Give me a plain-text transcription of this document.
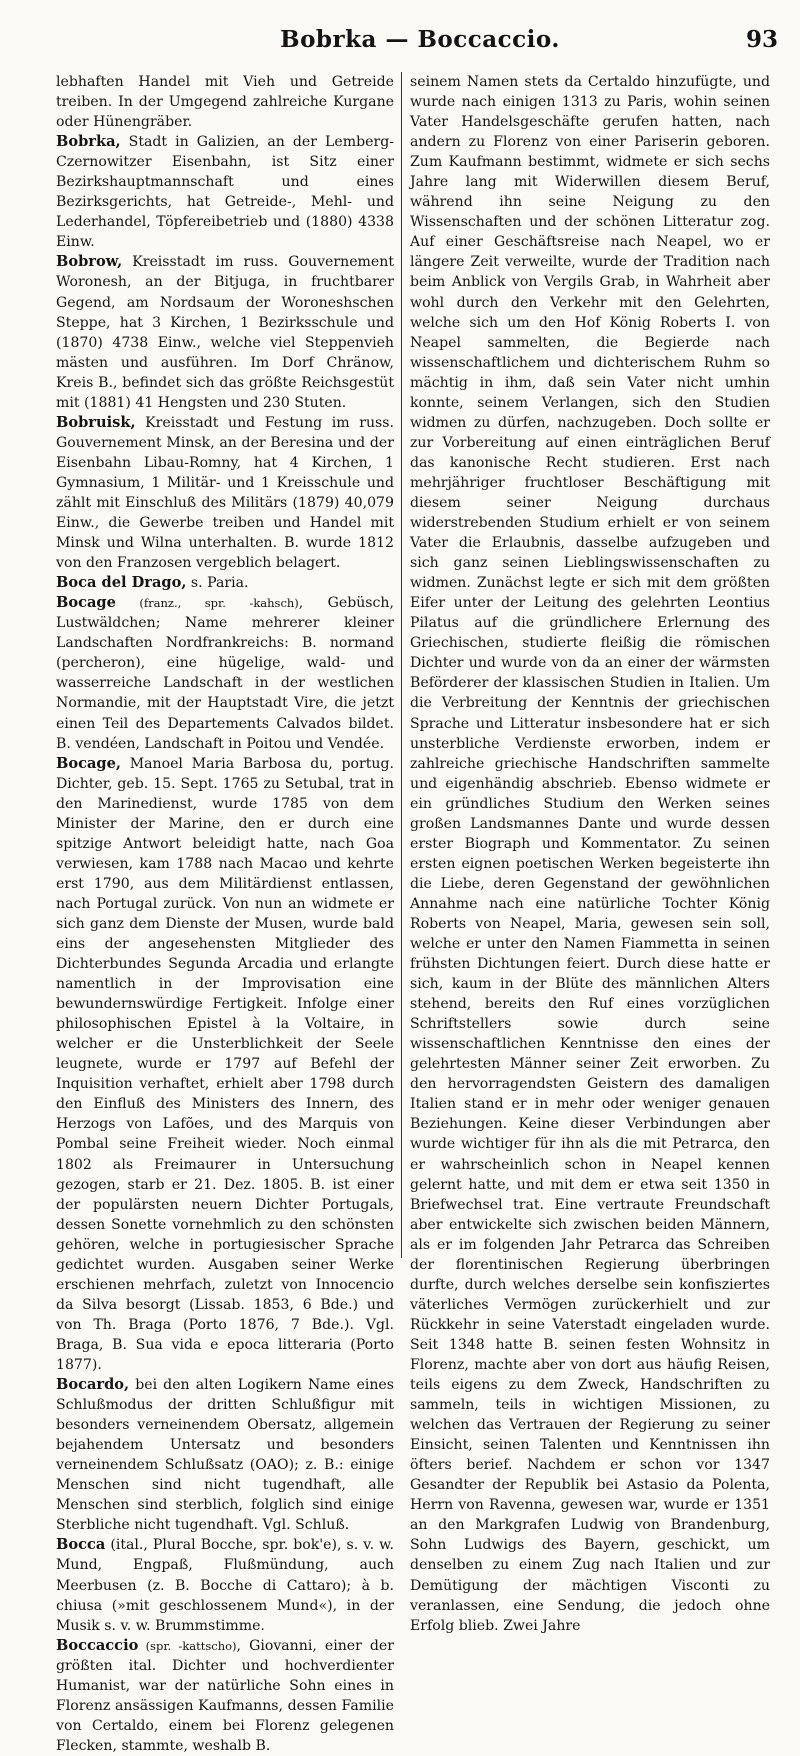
Bobrka — Boccaccio.	93

lebhaften Handel mit Vieh und Getreide treiben. In der Umgegend zahlreiche Kurgane oder Hünengräber.

Bobrka, Stadt in Galizien, an der Lemberg-Czernowitzer Eisenbahn, ist Sitz einer Bezirkshauptmannschaft und eines Bezirksgerichts, hat Getreide-, Mehl- und Lederhandel, Töpfereibetrieb und (1880) 4338 Einw.

Bobrow, Kreisstadt im russ. Gouvernement Woronesh, an der Bitjuga, in fruchtbarer Gegend, am Nordsaum der Woroneshschen Steppe, hat 3 Kirchen, 1 Bezirksschule und (1870) 4738 Einw., welche viel Steppenvieh mästen und ausführen. Im Dorf Chränow, Kreis B., befindet sich das größte Reichsgestüt mit (1881) 41 Hengsten und 230 Stuten.

Bobruisk, Kreisstadt und Festung im russ. Gouvernement Minsk, an der Beresina und der Eisenbahn Libau-Romny, hat 4 Kirchen, 1 Gymnasium, 1 Militär- und 1 Kreisschule und zählt mit Einschluß des Militärs (1879) 40,079 Einw., die Gewerbe treiben und Handel mit Minsk und Wilna unterhalten. B. wurde 1812 von den Franzosen vergeblich belagert.

Boca del Drago, s. Paria.

Bocage (franz., spr. -kahsch), Gebüsch, Lustwäldchen; Name mehrerer kleiner Landschaften Nordfrankreichs: B. normand (percheron), eine hügelige, wald- und wasserreiche Landschaft in der westlichen Normandie, mit der Hauptstadt Vire, die jetzt einen Teil des Departements Calvados bildet. B. vendéen, Landschaft in Poitou und Vendée.

Bocage, Manoel Maria Barbosa du, portug. Dichter, geb. 15. Sept. 1765 zu Setubal, trat in den Marinedienst, wurde 1785 von dem Minister der Marine, den er durch eine spitzige Antwort beleidigt hatte, nach Goa verwiesen, kam 1788 nach Macao und kehrte erst 1790, aus dem Militärdienst entlassen, nach Portugal zurück. Von nun an widmete er sich ganz dem Dienste der Musen, wurde bald eins der angesehensten Mitglieder des Dichterbundes Segunda Arcadia und erlangte namentlich in der Improvisation eine bewundernswürdige Fertigkeit. Infolge einer philosophischen Epistel à la Voltaire, in welcher er die Unsterblichkeit der Seele leugnete, wurde er 1797 auf Befehl der Inquisition verhaftet, erhielt aber 1798 durch den Einfluß des Ministers des Innern, des Herzogs von Lafões, und des Marquis von Pombal seine Freiheit wieder. Noch einmal 1802 als Freimaurer in Untersuchung gezogen, starb er 21. Dez. 1805. B. ist einer der populärsten neuern Dichter Portugals, dessen Sonette vornehmlich zu den schönsten gehören, welche in portugiesischer Sprache gedichtet wurden. Ausgaben seiner Werke erschienen mehrfach, zuletzt von Innocencio da Silva besorgt (Lissab. 1853, 6 Bde.) und von Th. Braga (Porto 1876, 7 Bde.). Vgl. Braga, B. Sua vida e epoca litteraria (Porto 1877).

Bocardo, bei den alten Logikern Name eines Schlußmodus der dritten Schlußfigur mit besonders verneinendem Obersatz, allgemein bejahendem Untersatz und besonders verneinendem Schlußsatz (OAO); z. B.: einige Menschen sind nicht tugendhaft, alle Menschen sind sterblich, folglich sind einige Sterbliche nicht tugendhaft. Vgl. Schluß.

Bocca (ital., Plural Bocche, spr. bok'e), s. v. w. Mund, Engpaß, Flußmündung, auch Meerbusen (z. B. Bocche di Cattaro); à b. chiusa (»mit geschlossenem Mund«), in der Musik s. v. w. Brummstimme.

Boccaccio (spr. -kattscho), Giovanni, einer der größten ital. Dichter und hochverdienter Humanist, war der natürliche Sohn eines in Florenz ansässigen Kaufmanns, dessen Familie von Certaldo, einem bei Florenz gelegenen Flecken, stammte, weshalb B.

seinem Namen stets da Certaldo hinzufügte, und wurde nach einigen 1313 zu Paris, wohin seinen Vater Handelsgeschäfte gerufen hatten, nach andern zu Florenz von einer Pariserin geboren. Zum Kaufmann bestimmt, widmete er sich sechs Jahre lang mit Widerwillen diesem Beruf, während ihn seine Neigung zu den Wissenschaften und der schönen Litteratur zog. Auf einer Geschäftsreise nach Neapel, wo er längere Zeit verweilte, wurde der Tradition nach beim Anblick von Vergils Grab, in Wahrheit aber wohl durch den Verkehr mit den Gelehrten, welche sich um den Hof König Roberts I. von Neapel sammelten, die Begierde nach wissenschaftlichem und dichterischem Ruhm so mächtig in ihm, daß sein Vater nicht umhin konnte, seinem Verlangen, sich den Studien widmen zu dürfen, nachzugeben. Doch sollte er zur Vorbereitung auf einen einträglichen Beruf das kanonische Recht studieren. Erst nach mehrjähriger fruchtloser Beschäftigung mit diesem seiner Neigung durchaus widerstrebenden Studium erhielt er von seinem Vater die Erlaubnis, dasselbe aufzugeben und sich ganz seinen Lieblingswissenschaften zu widmen. Zunächst legte er sich mit dem größten Eifer unter der Leitung des gelehrten Leontius Pilatus auf die gründlichere Erlernung des Griechischen, studierte fleißig die römischen Dichter und wurde von da an einer der wärmsten Beförderer der klassischen Studien in Italien. Um die Verbreitung der Kenntnis der griechischen Sprache und Litteratur insbesondere hat er sich unsterbliche Verdienste erworben, indem er zahlreiche griechische Handschriften sammelte und eigenhändig abschrieb. Ebenso widmete er ein gründliches Studium den Werken seines großen Landsmannes Dante und wurde dessen erster Biograph und Kommentator. Zu seinen ersten eignen poetischen Werken begeisterte ihn die Liebe, deren Gegenstand der gewöhnlichen Annahme nach eine natürliche Tochter König Roberts von Neapel, Maria, gewesen sein soll, welche er unter den Namen Fiammetta in seinen frühsten Dichtungen feiert. Durch diese hatte er sich, kaum in der Blüte des männlichen Alters stehend, bereits den Ruf eines vorzüglichen Schriftstellers sowie durch seine wissenschaftlichen Kenntnisse den eines der gelehrtesten Männer seiner Zeit erworben. Zu den hervorragendsten Geistern des damaligen Italien stand er in mehr oder weniger genauen Beziehungen. Keine dieser Verbindungen aber wurde wichtiger für ihn als die mit Petrarca, den er wahrscheinlich schon in Neapel kennen gelernt hatte, und mit dem er etwa seit 1350 in Briefwechsel trat. Eine vertraute Freundschaft aber entwickelte sich zwischen beiden Männern, als er im folgenden Jahr Petrarca das Schreiben der florentinischen Regierung überbringen durfte, durch welches derselbe sein konfisziertes väterliches Vermögen zurückerhielt und zur Rückkehr in seine Vaterstadt eingeladen wurde. Seit 1348 hatte B. seinen festen Wohnsitz in Florenz, machte aber von dort aus häufig Reisen, teils eigens zu dem Zweck, Handschriften zu sammeln, teils in wichtigen Missionen, zu welchen das Vertrauen der Regierung zu seiner Einsicht, seinen Talenten und Kenntnissen ihn öfters berief. Nachdem er schon vor 1347 Gesandter der Republik bei Astasio da Polenta, Herrn von Ravenna, gewesen war, wurde er 1351 an den Markgrafen Ludwig von Brandenburg, Sohn Ludwigs des Bayern, geschickt, um denselben zu einem Zug nach Italien und zur Demütigung der mächtigen Visconti zu veranlassen, eine Sendung, die jedoch ohne Erfolg blieb. Zwei Jahre
